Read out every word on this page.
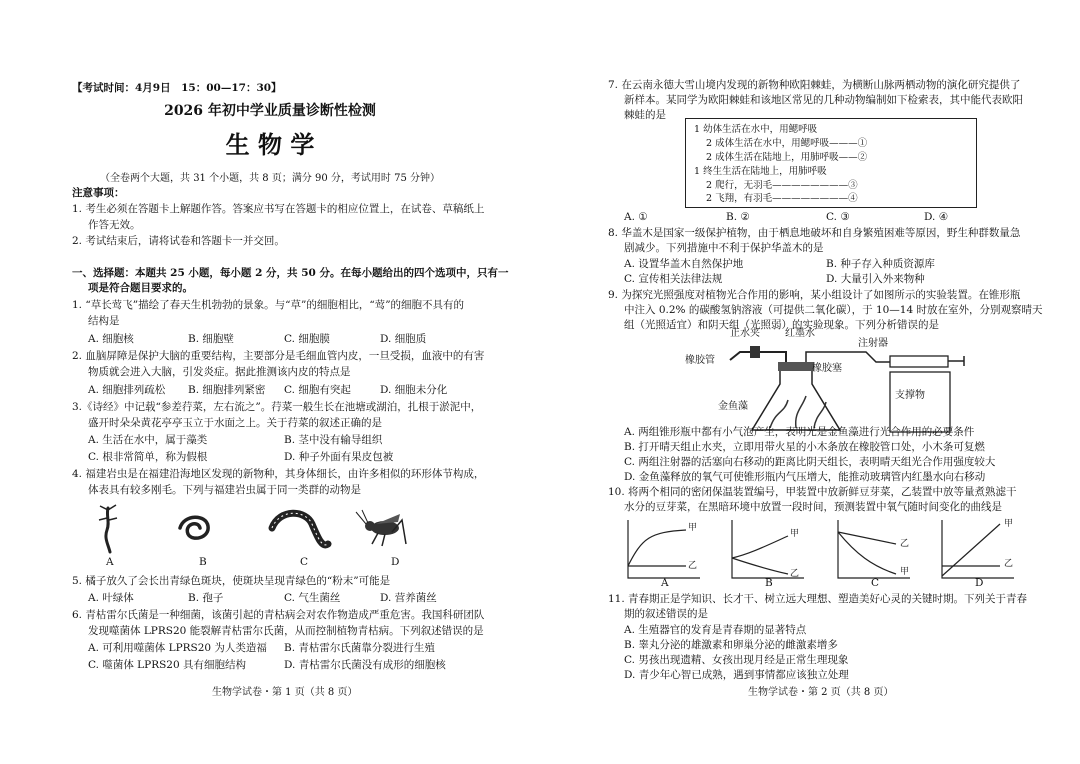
【考试时间：4月9日　15：00—17：30】
2026 年初中学业质量诊断性检测
生 物 学
（全卷两个大题，共 31 个小题，共 8 页；满分 90 分，考试用时 75 分钟）
注意事项：
1. 考生必须在答题卡上解题作答。答案应书写在答题卡的相应位置上，在试卷、草稿纸上
作答无效。
2. 考试结束后，请将试卷和答题卡一并交回。
一、选择题：本题共 25 小题，每小题 2 分，共 50 分。在每小题给出的四个选项中，只有一
项是符合题目要求的。
1. “草长莺飞”描绘了春天生机勃勃的景象。与“草”的细胞相比，“莺”的细胞不具有的
结构是
A. 细胞核	B. 细胞壁	C. 细胞膜	D. 细胞质
2. 血脑屏障是保护大脑的重要结构，主要部分是毛细血管内皮，一旦受损，血液中的有害
物质就会进入大脑，引发炎症。据此推测该内皮的特点是
A. 细胞排列疏松 B. 细胞排列紧密 C. 细胞有突起	D. 细胞未分化
3.《诗经》中记载“参差荇菜，左右流之”。荇菜一般生长在池塘或湖泊，扎根于淤泥中，
盛开时朵朵黄花亭亭玉立于水面之上。关于荇菜的叙述正确的是
A. 生活在水中，属于藻类	B. 茎中没有输导组织
C. 根非常简单，称为假根	D. 种子外面有果皮包被
4. 福建岩虫是在福建沿海地区发现的新物种，其身体细长，由许多相似的环形体节构成，
体表具有较多刚毛。下列与福建岩虫属于同一类群的动物是
A	B	C	D
5. 橘子放久了会长出青绿色斑块，使斑块呈现青绿色的“粉末”可能是
A. 叶绿体	B. 孢子	C. 气生菌丝	D. 营养菌丝
6. 青枯雷尔氏菌是一种细菌，该菌引起的青枯病会对农作物造成严重危害。我国科研团队
发现噬菌体 LPRS20 能裂解青枯雷尔氏菌，从而控制植物青枯病。下列叙述错误的是
A. 可利用噬菌体 LPRS20 为人类造福 B. 青枯雷尔氏菌靠分裂进行生殖
C. 噬菌体 LPRS20 具有细胞结构	D. 青枯雷尔氏菌没有成形的细胞核
生物学试卷・第 1 页（共 8 页）
7. 在云南永德大雪山境内发现的新物种欧阳棘蛙，为横断山脉两栖动物的演化研究提供了
新样本。某同学为欧阳棘蛙和该地区常见的几种动物编制如下检索表，其中能代表欧阳
棘蛙的是
1 幼体生活在水中，用鳃呼吸
2 成体生活在水中，用鳃呼吸———①
2 成体生活在陆地上，用肺呼吸——②
1 终生生活在陆地上，用肺呼吸
2 爬行，无羽毛————————③
2 飞翔，有羽毛————————④
A. ①	B. ②	C. ③	D. ④
8. 华盖木是国家一级保护植物，由于栖息地破坏和自身繁殖困难等原因，野生种群数量急
剧减少。下列措施中不利于保护华盖木的是
A. 设置华盖木自然保护地	B. 种子存入种质资源库
C. 宣传相关法律法规	D. 大量引入外来物种
9. 为探究光照强度对植物光合作用的影响，某小组设计了如图所示的实验装置。在锥形瓶
中注入 0.2% 的碳酸氢钠溶液（可提供二氧化碳），于 10—14 时放在室外，分别观察晴天
组（光照适宜）和阴天组（光照弱）的实验现象。下列分析错误的是
止水夹	红墨水
注射器
橡胶管
橡胶塞
支撑物
金鱼藻
A. 两组锥形瓶中都有小气泡产生，表明光是金鱼藻进行光合作用的必要条件
B. 打开晴天组止水夹，立即用带火星的小木条放在橡胶管口处，小木条可复燃
C. 两组注射器的活塞向右移动的距离比阴天组长，表明晴天组光合作用强度较大
D. 金鱼藻释放的氧气可使锥形瓶内气压增大，能推动玻璃管内红墨水向右移动
10. 将两个相同的密闭保温装置编号，甲装置中放新鲜豆芽菜，乙装置中放等量煮熟滤干
水分的豆芽菜，在黑暗环境中放置一段时间，预测装置中氧气随时间变化的曲线是
甲
乙
甲
乙	甲
乙
甲
乙
A	B	C	D
11. 青春期正是学知识、长才干、树立远大理想、塑造美好心灵的关键时期。下列关于青春
期的叙述错误的是
A. 生殖器官的发育是青春期的显著特点
B. 睾丸分泌的雄激素和卵巢分泌的雌激素增多
C. 男孩出现遗精、女孩出现月经是正常生理现象
D. 青少年心智已成熟，遇到事情都应该独立处理
生物学试卷・第 2 页（共 8 页）
